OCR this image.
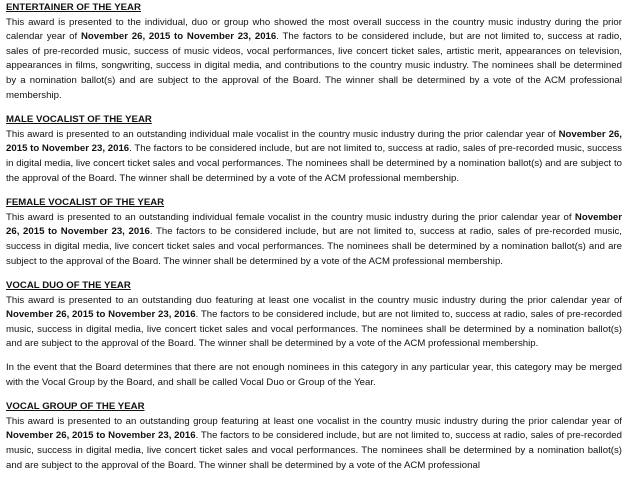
ENTERTAINER OF THE YEAR
This award is presented to the individual, duo or group who showed the most overall success in the country music industry during the prior calendar year of November 26, 2015 to November 23, 2016. The factors to be considered include, but are not limited to, success at radio, sales of pre-recorded music, success of music videos, vocal performances, live concert ticket sales, artistic merit, appearances on television, appearances in films, songwriting, success in digital media, and contributions to the country music industry. The nominees shall be determined by a nomination ballot(s) and are subject to the approval of the Board. The winner shall be determined by a vote of the ACM professional membership.
MALE VOCALIST OF THE YEAR
This award is presented to an outstanding individual male vocalist in the country music industry during the prior calendar year of November 26, 2015 to November 23, 2016. The factors to be considered include, but are not limited to, success at radio, sales of pre-recorded music, success in digital media, live concert ticket sales and vocal performances. The nominees shall be determined by a nomination ballot(s) and are subject to the approval of the Board. The winner shall be determined by a vote of the ACM professional membership.
FEMALE VOCALIST OF THE YEAR
This award is presented to an outstanding individual female vocalist in the country music industry during the prior calendar year of November 26, 2015 to November 23, 2016. The factors to be considered include, but are not limited to, success at radio, sales of pre-recorded music, success in digital media, live concert ticket sales and vocal performances. The nominees shall be determined by a nomination ballot(s) and are subject to the approval of the Board. The winner shall be determined by a vote of the ACM professional membership.
VOCAL DUO OF THE YEAR
This award is presented to an outstanding duo featuring at least one vocalist in the country music industry during the prior calendar year of November 26, 2015 to November 23, 2016. The factors to be considered include, but are not limited to, success at radio, sales of pre-recorded music, success in digital media, live concert ticket sales and vocal performances. The nominees shall be determined by a nomination ballot(s) and are subject to the approval of the Board. The winner shall be determined by a vote of the ACM professional membership.
In the event that the Board determines that there are not enough nominees in this category in any particular year, this category may be merged with the Vocal Group by the Board, and shall be called Vocal Duo or Group of the Year.
VOCAL GROUP OF THE YEAR
This award is presented to an outstanding group featuring at least one vocalist in the country music industry during the prior calendar year of November 26, 2015 to November 23, 2016. The factors to be considered include, but are not limited to, success at radio, sales of pre-recorded music, success in digital media, live concert ticket sales and vocal performances. The nominees shall be determined by a nomination ballot(s) and are subject to the approval of the Board. The winner shall be determined by a vote of the ACM professional
